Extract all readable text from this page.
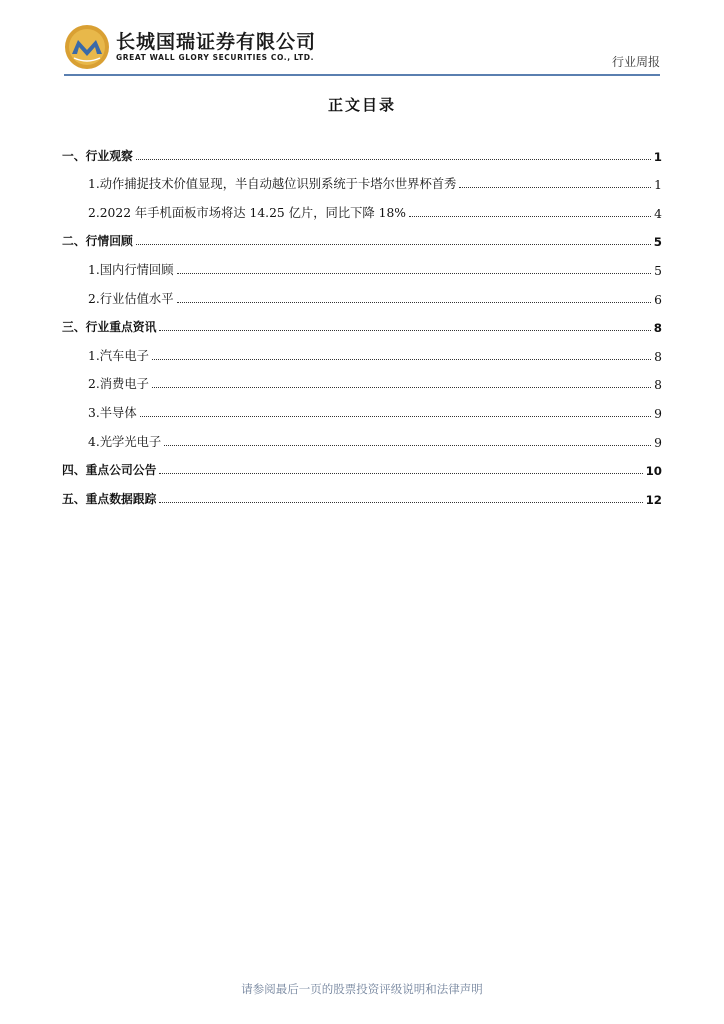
长城国瑞证券有限公司
GREAT WALL GLORY SECURITIES CO., LTD.	行业周报
正文目录
一、行业观察	1
1.动作捕捉技术价值显现，半自动越位识别系统于卡塔尔世界杯首秀	1
2.2022 年手机面板市场将达 14.25 亿片，同比下降 18%	4
二、行情回顾	5
1.国内行情回顾	5
2.行业估值水平	6
三、行业重点资讯	8
1.汽车电子	8
2.消费电子	8
3.半导体	9
4.光学光电子	9
四、重点公司公告	10
五、重点数据跟踪	12
请参阅最后一页的股票投资评级说明和法律声明
